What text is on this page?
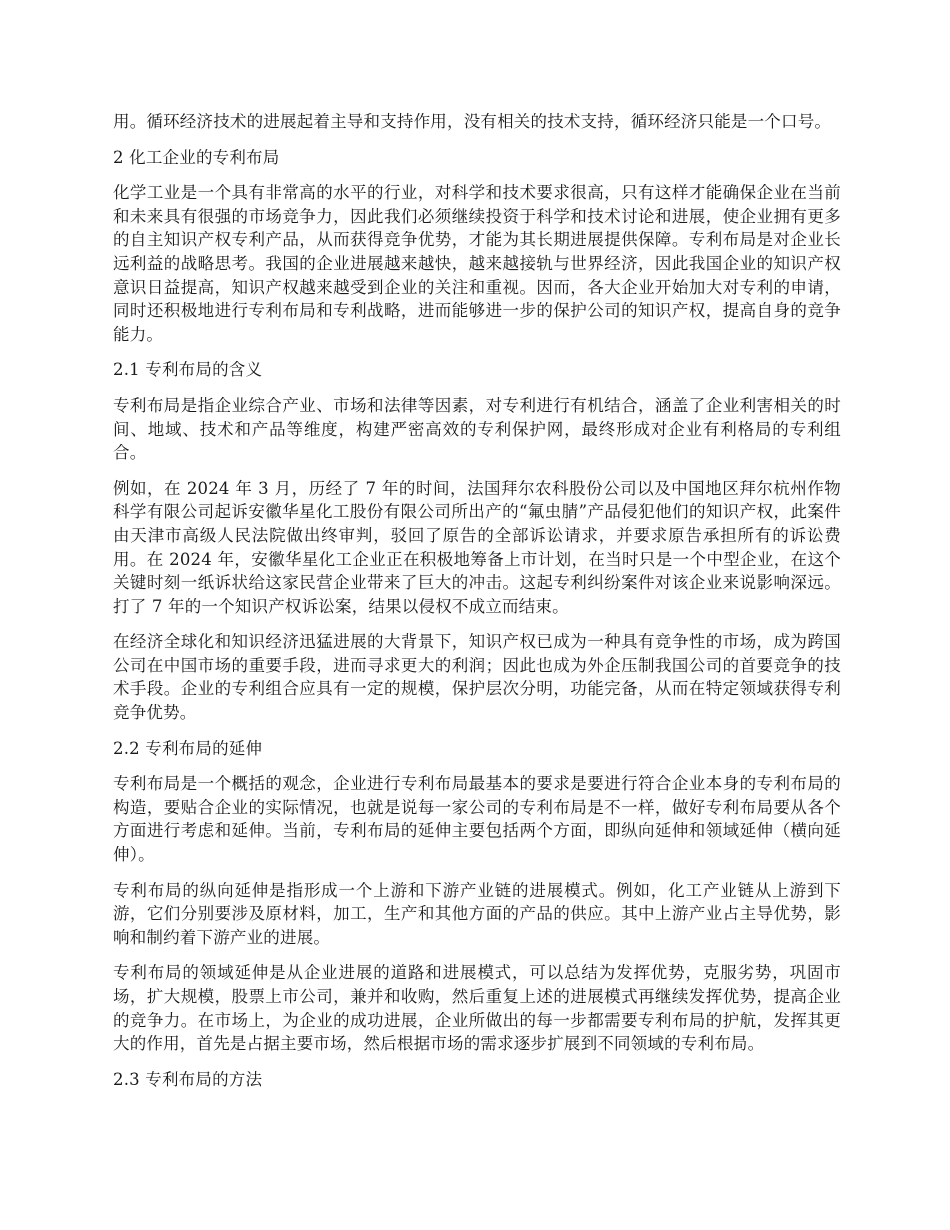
用。循环经济技术的进展起着主导和支持作用，没有相关的技术支持，循环经济只能是一个口号。

2 化工企业的专利布局

化学工业是一个具有非常高的水平的行业，对科学和技术要求很高，只有这样才能确保企业在当前和未来具有很强的市场竞争力，因此我们必须继续投资于科学和技术讨论和进展，使企业拥有更多的自主知识产权专利产品，从而获得竞争优势，才能为其长期进展提供保障。专利布局是对企业长远利益的战略思考。我国的企业进展越来越快，越来越接轨与世界经济，因此我国企业的知识产权意识日益提高，知识产权越来越受到企业的关注和重视。因而，各大企业开始加大对专利的申请，同时还积极地进行专利布局和专利战略，进而能够进一步的保护公司的知识产权，提高自身的竞争能力。

2.1 专利布局的含义

专利布局是指企业综合产业、市场和法律等因素，对专利进行有机结合，涵盖了企业利害相关的时间、地域、技术和产品等维度，构建严密高效的专利保护网，最终形成对企业有利格局的专利组合。

例如，在 2024 年 3 月，历经了 7 年的时间，法国拜尔农科股份公司以及中国地区拜尔杭州作物科学有限公司起诉安徽华星化工股份有限公司所出产的“氟虫腈”产品侵犯他们的知识产权，此案件由天津市高级人民法院做出终审判，驳回了原告的全部诉讼请求，并要求原告承担所有的诉讼费用。在 2024 年，安徽华星化工企业正在积极地筹备上市计划，在当时只是一个中型企业，在这个关键时刻一纸诉状给这家民营企业带来了巨大的冲击。这起专利纠纷案件对该企业来说影响深远。打了 7 年的一个知识产权诉讼案，结果以侵权不成立而结束。

在经济全球化和知识经济迅猛进展的大背景下，知识产权已成为一种具有竞争性的市场，成为跨国公司在中国市场的重要手段，进而寻求更大的利润；因此也成为外企压制我国公司的首要竞争的技术手段。企业的专利组合应具有一定的规模，保护层次分明，功能完备，从而在特定领域获得专利竞争优势。

2.2 专利布局的延伸

专利布局是一个概括的观念，企业进行专利布局最基本的要求是要进行符合企业本身的专利布局的构造，要贴合企业的实际情况，也就是说每一家公司的专利布局是不一样，做好专利布局要从各个方面进行考虑和延伸。当前，专利布局的延伸主要包括两个方面，即纵向延伸和领域延伸（横向延伸）。

专利布局的纵向延伸是指形成一个上游和下游产业链的进展模式。例如，化工产业链从上游到下游，它们分别要涉及原材料，加工，生产和其他方面的产品的供应。其中上游产业占主导优势，影响和制约着下游产业的进展。

专利布局的领域延伸是从企业进展的道路和进展模式，可以总结为发挥优势，克服劣势，巩固市场，扩大规模，股票上市公司，兼并和收购，然后重复上述的进展模式再继续发挥优势，提高企业的竞争力。在市场上，为企业的成功进展，企业所做出的每一步都需要专利布局的护航，发挥其更大的作用，首先是占据主要市场，然后根据市场的需求逐步扩展到不同领域的专利布局。

2.3 专利布局的方法
